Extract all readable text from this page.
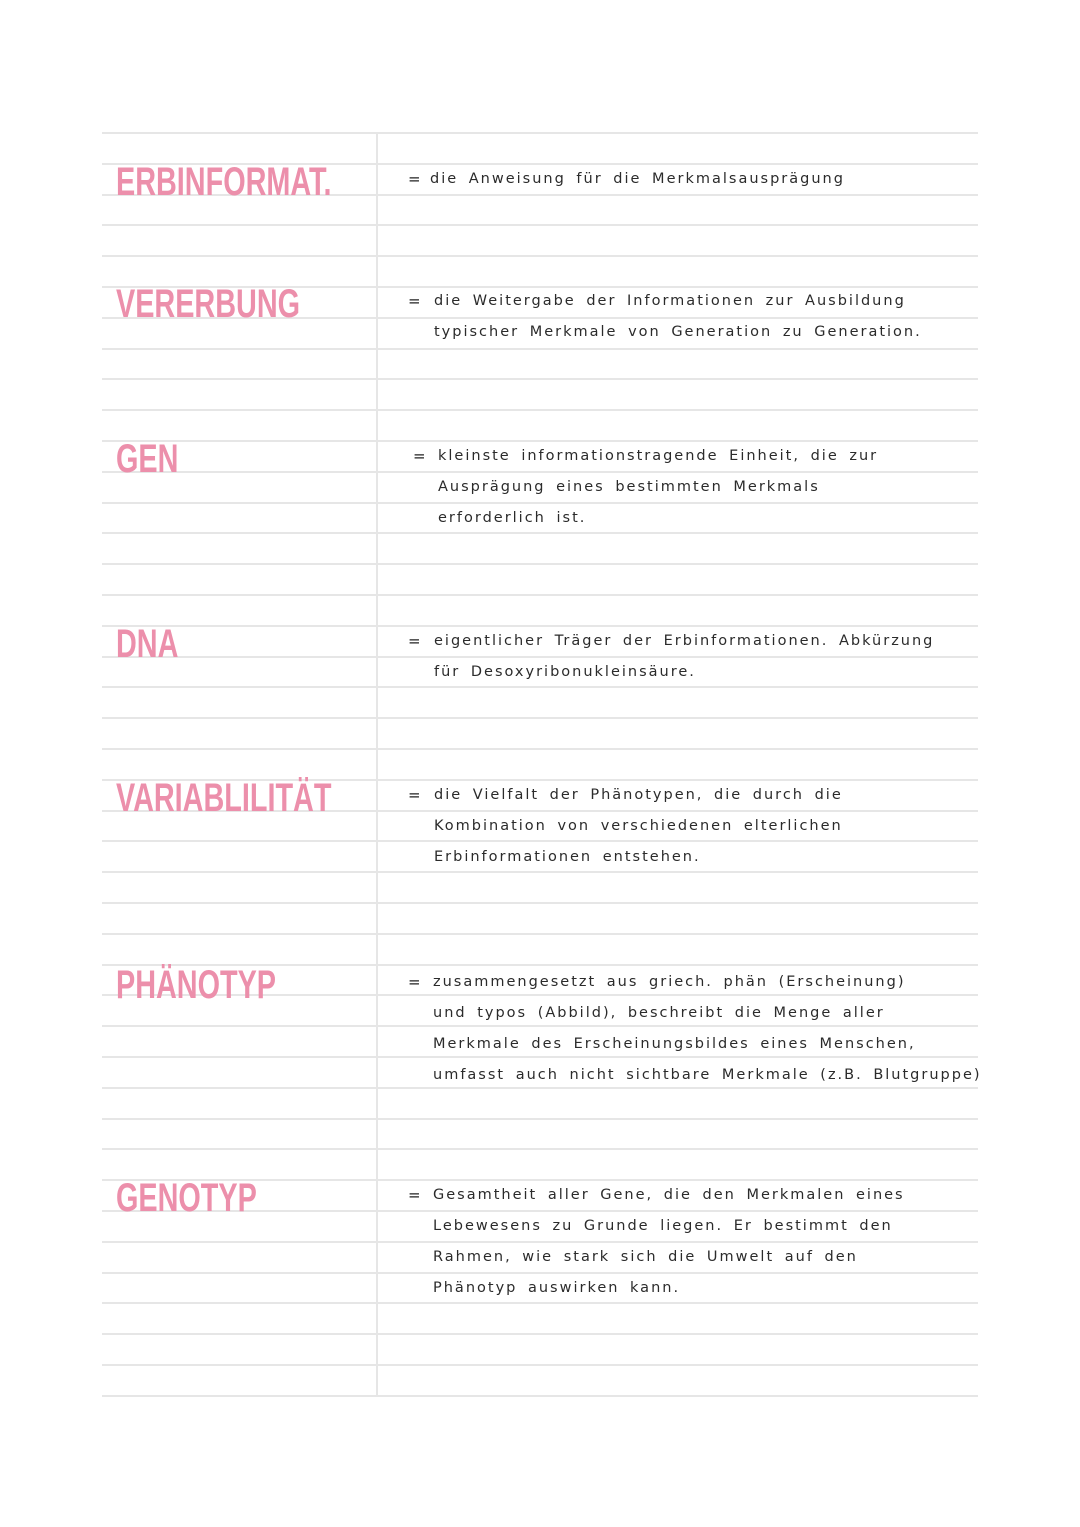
ERBINFORMAT.	= die Anweisung für die Merkmalsausprägung
VERERBUNG	= die Weitergabe der Informationen zur Ausbildung
typischer Merkmale von Generation zu Generation.
GEN	= kleinste informationstragende Einheit, die zur
Ausprägung eines bestimmten Merkmals
erforderlich ist.
DNA	= eigentlicher Träger der Erbinformationen. Abkürzung
für Desoxyribonukleinsäure.
VARIABLILITÄT	= die Vielfalt der Phänotypen, die durch die
Kombination von verschiedenen elterlichen
Erbinformationen entstehen.
PHÄNOTYP	= zusammengesetzt aus griech. phän (Erscheinung)
und typos (Abbild), beschreibt die Menge aller
Merkmale des Erscheinungsbildes eines Menschen,
umfasst auch nicht sichtbare Merkmale (z.B. Blutgruppe)
GENOTYP	= Gesamtheit aller Gene, die den Merkmalen eines
Lebewesens zu Grunde liegen. Er bestimmt den
Rahmen, wie stark sich die Umwelt auf den
Phänotyp auswirken kann.
